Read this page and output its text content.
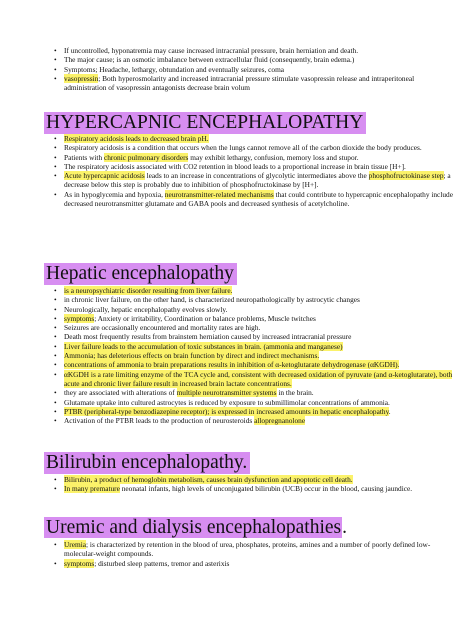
• If uncontrolled, hyponatremia may cause increased intracranial pressure, brain herniation and death.
• The major cause; is an osmotic imbalance between extracellular fluid (consequently, brain edema.)
• Symptoms; Headache, lethargy, obtundation and eventually seizures, coma
• vasopressin; Both hyperosmolarity and increased intracranial pressure stimulate vasopressin release and intraperitoneal administration of vasopressin antagonists decrease brain volum
HYPERCAPNIC ENCEPHALOPATHY
• Respiratory acidosis leads to decreased brain pH.
• Respiratory acidosis is a condition that occurs when the lungs cannot remove all of the carbon dioxide the body produces.
• Patients with chronic pulmonary disorders may exhibit lethargy, confusion, memory loss and stupor.
• The respiratory acidosis associated with CO2 retention in blood leads to a proportional increase in brain tissue [H+].
• Acute hypercapnic acidosis leads to an increase in concentrations of glycolytic intermediates above the phosphofructokinase step; a decrease below this step is probably due to inhibition of phosphofructokinase by [H+].
• As in hypoglycemia and hypoxia, neurotransmitter-related mechanisms that could contribute to hypercapnic encephalopathy include decreased neurotransmitter glutamate and GABA pools and decreased synthesis of acetylcholine.
Hepatic encephalopathy
• is a neuropsychiatric disorder resulting from liver failure.
• in chronic liver failure, on the other hand, is characterized neuropathologically by astrocytic changes
• Neurologically, hepatic encephalopathy evolves slowly.
• symptoms; Anxiety or irritability, Coordination or balance problems, Muscle twitches
• Seizures are occasionally encountered and mortality rates are high.
• Death most frequently results from brainstem herniation caused by increased intracranial pressure
• Liver failure leads to the accumulation of toxic substances in brain. (ammonia and manganese)
• Ammonia; has deleterious effects on brain function by direct and indirect mechanisms.
• concentrations of ammonia to brain preparations results in inhibition of α-ketoglutarate dehydrogenase (αKGDH).
• αKGDH is a rate limiting enzyme of the TCA cycle and, consistent with decreased oxidation of pyruvate (and α-ketoglutarate), both acute and chronic liver failure result in increased brain lactate concentrations.
• they are associated with alterations of multiple neurotransmitter systems in the brain.
• Glutamate uptake into cultured astrocytes is reduced by exposure to submillimolar concentrations of ammonia.
• PTBR (peripheral-type benzodiazepine receptor); is expressed in increased amounts in hepatic encephalopathy.
• Activation of the PTBR leads to the production of neurosteroids allopregnanolone
Bilirubin encephalopathy.
• Bilirubin, a product of hemoglobin metabolism, causes brain dysfunction and apoptotic cell death.
• In many premature neonatal infants, high levels of unconjugated bilirubin (UCB) occur in the blood, causing jaundice.
Uremic and dialysis encephalopathies.
• Uremia; is characterized by retention in the blood of urea, phosphates, proteins, amines and a number of poorly defined low-molecular-weight compounds.
• symptoms; disturbed sleep patterns, tremor and asterixis
